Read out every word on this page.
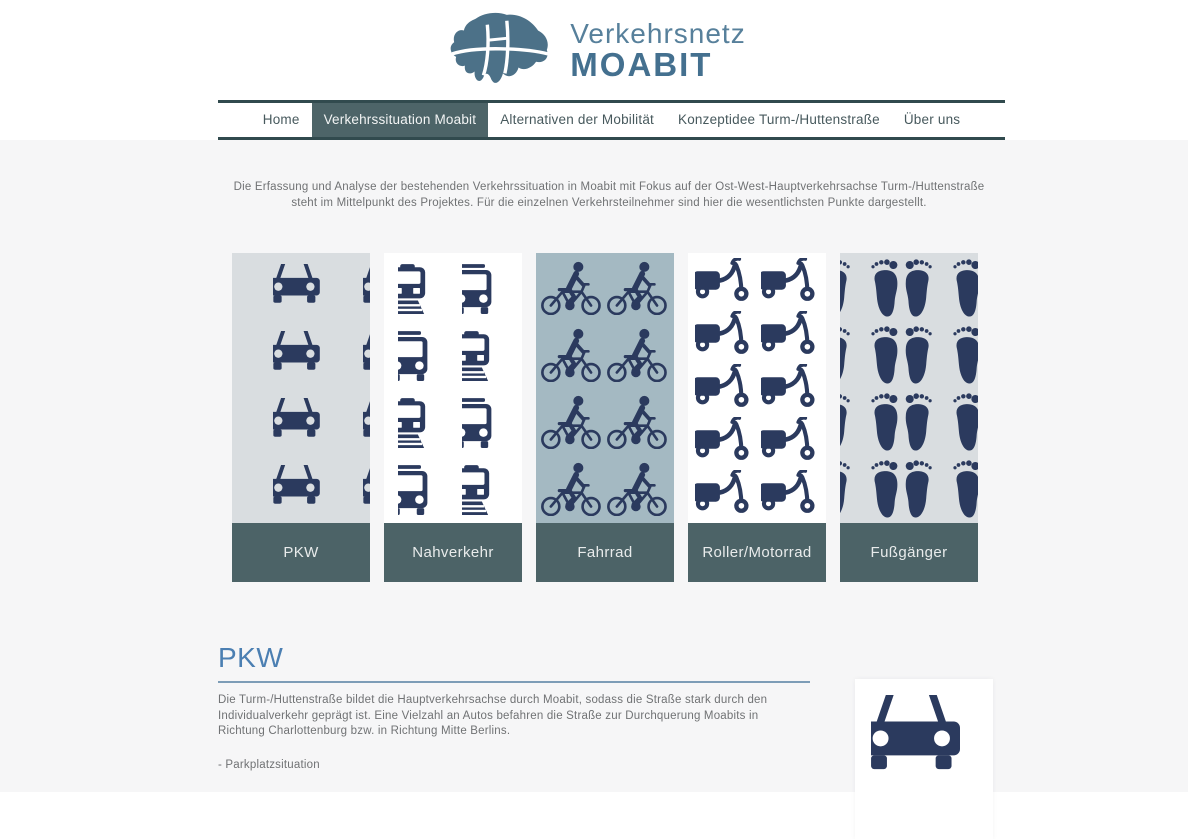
Verkehrsnetz
MOABIT
Home	Verkehrssituation Moabit	Alternativen der Mobilität	Konzeptidee Turm-/Huttenstraße	Über uns

Die Erfassung und Analyse der bestehenden Verkehrssituation in Moabit mit Fokus auf der Ost-West-Hauptverkehrsachse Turm-/Huttenstraße steht im Mittelpunkt des Projektes. Für die einzelnen Verkehrsteilnehmer sind hier die wesentlichsten Punkte dargestellt.

PKW	Nahverkehr	Fahrrad	Roller/Motorrad	Fußgänger
PKW

Die Turm-/Huttenstraße bildet die Hauptverkehrsachse durch Moabit, sodass die Straße stark durch den Individualverkehr geprägt ist. Eine Vielzahl an Autos befahren die Straße zur Durchquerung Moabits in Richtung Charlottenburg bzw. in Richtung Mitte Berlins.

- Parkplatzsituation
